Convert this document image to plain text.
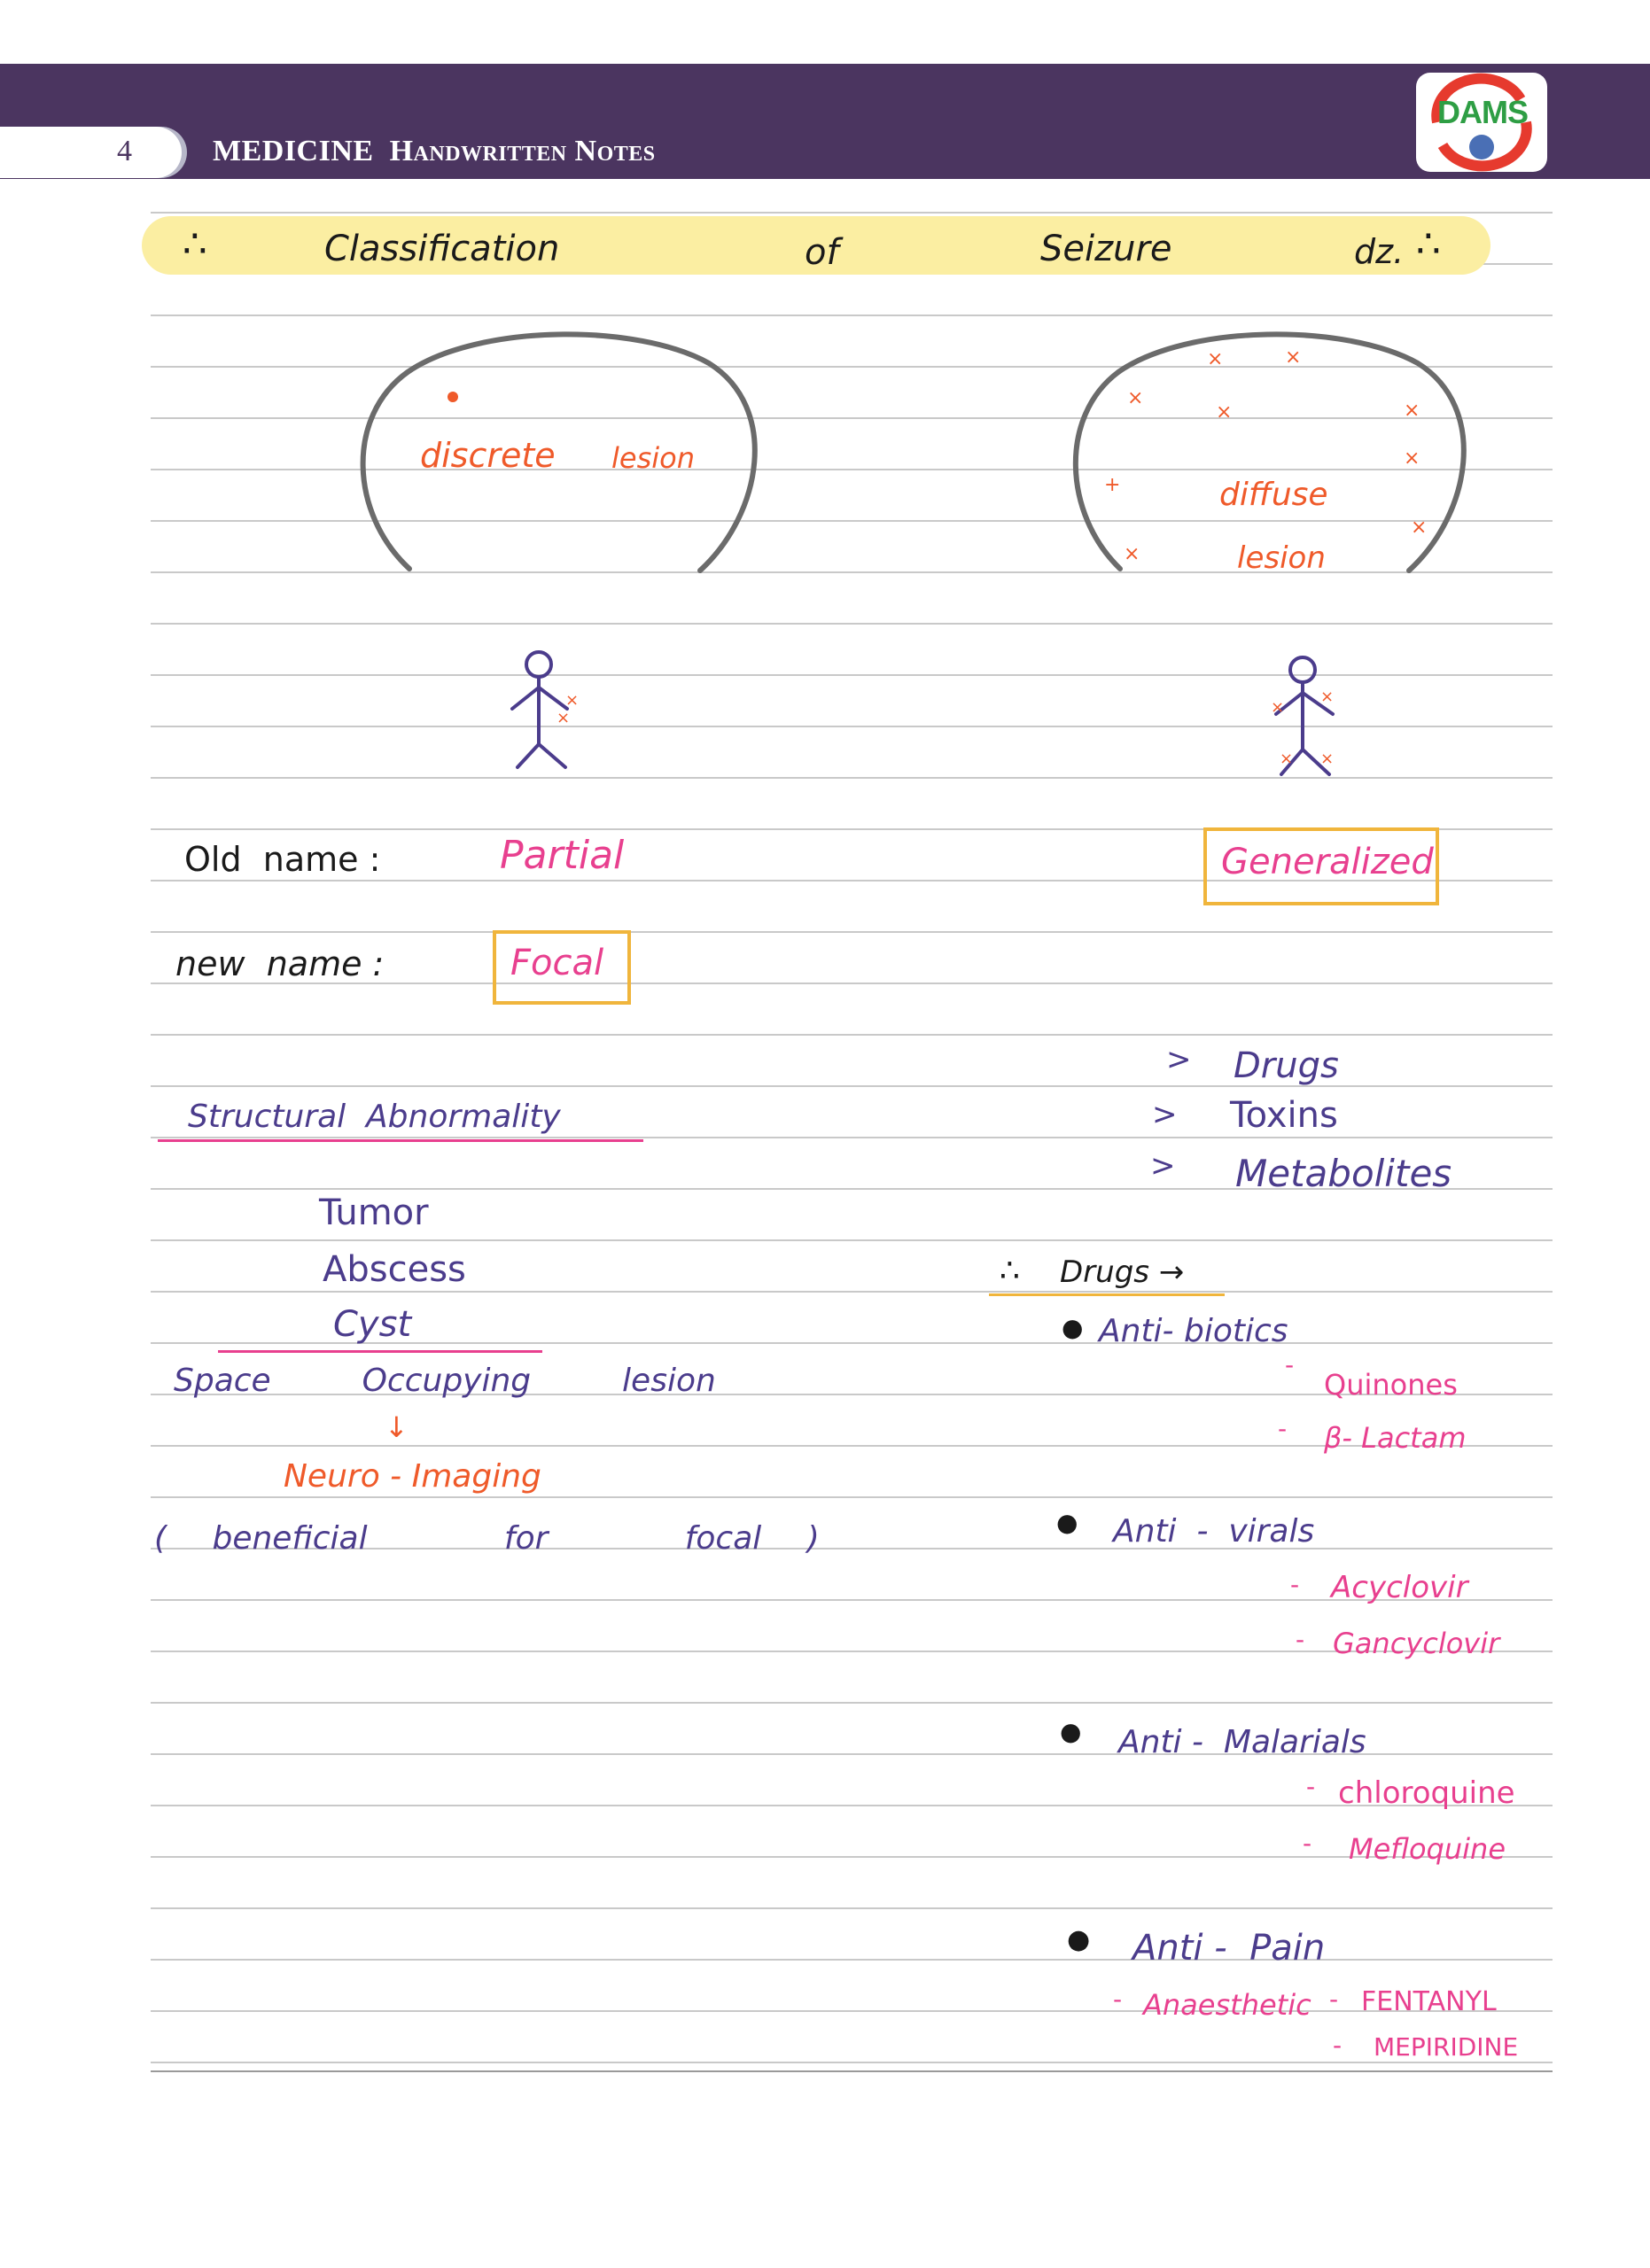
4	MEDICINE Handwritten Notes
DAMS
∴	Classification	of	Seizure	dz. ∴
×	×
×
×	×
×
+
×
×
discrete lesion
diffuse
lesion
×
×
×
×
× ×
Old  name :	Partial	Generalized
new  name :	Focal
> Drugs
> Toxins
> Metabolites
Structural  Abnormality
Tumor
Abscess
Cyst
Space  Occupying  lesion
↓
Neuro - Imaging
( beneficial   for   focal )
∴ Drugs →
● Anti- biotics
-
Quinones
- β- Lactam
● Anti  -  virals
- Acyclovir
- Gancyclovir
● Anti -  Malarials
- chloroquine
- Mefloquine
● Anti -  Pain
- Anaesthetic - FENTANYL
- MEPIRIDINE
